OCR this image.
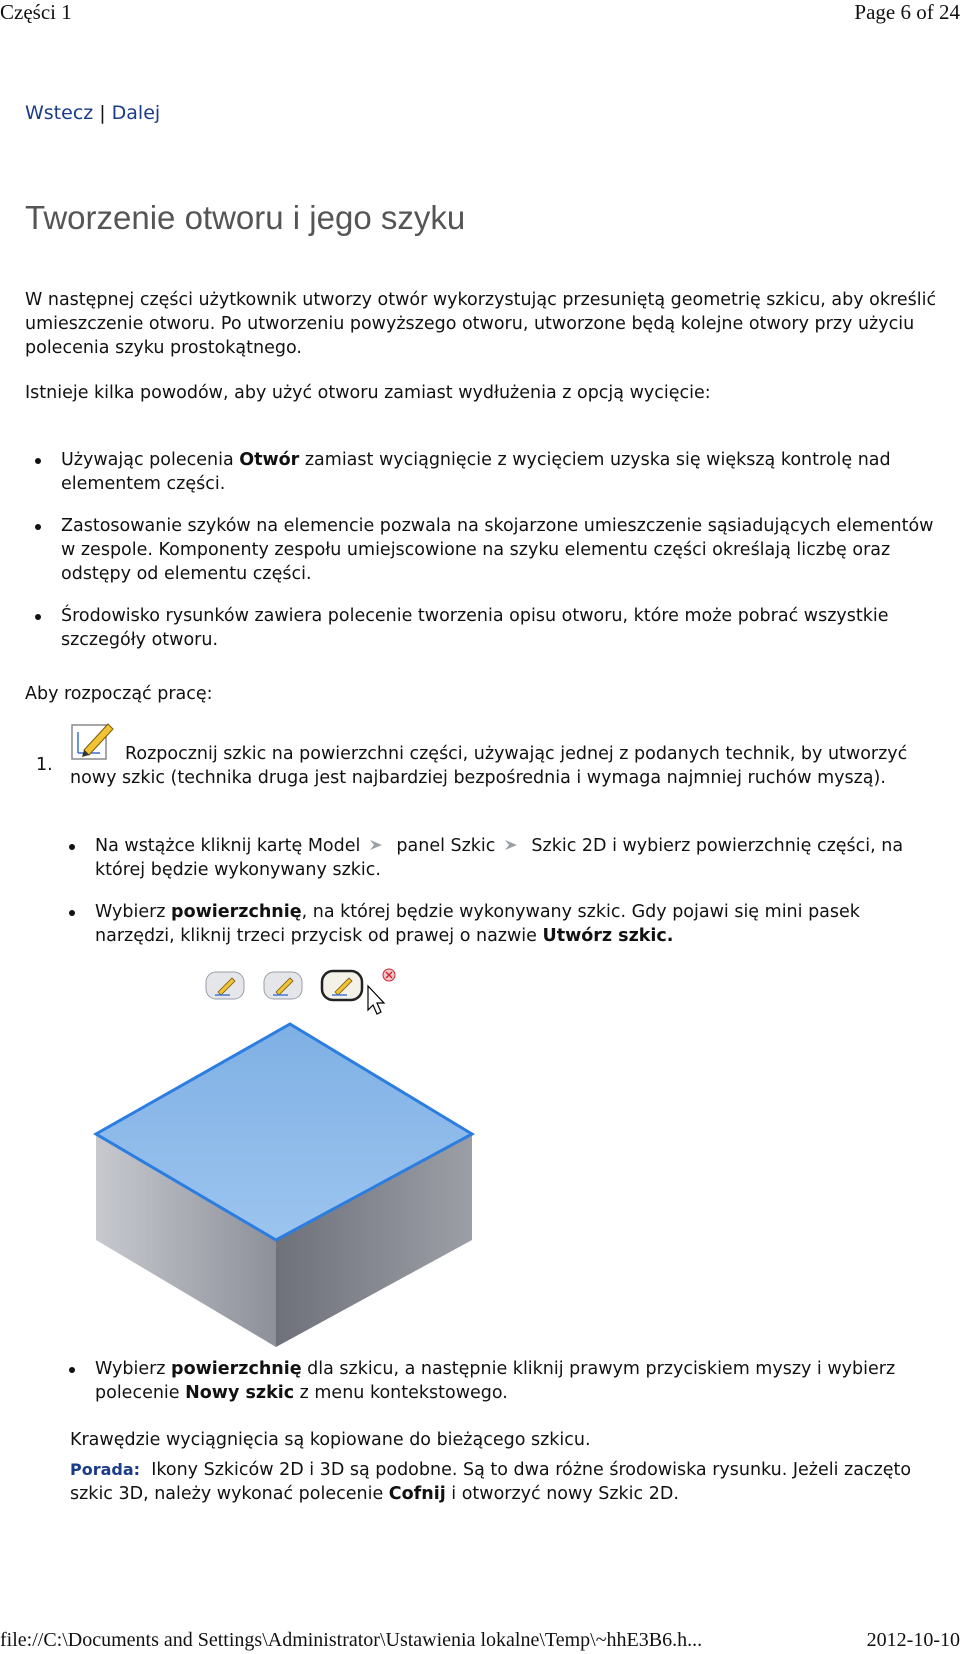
Części 1	Page 6 of 24
Wstecz | Dalej
Tworzenie otworu i jego szyku

W następnej części użytkownik utworzy otwór wykorzystując przesuniętą geometrię szkicu, aby określić umieszczenie otworu. Po utworzeniu powyższego otworu, utworzone będą kolejne otwory przy użyciu polecenia szyku prostokątnego.

Istnieje kilka powodów, aby użyć otworu zamiast wydłużenia z opcją wycięcie:

Używając polecenia Otwór zamiast wyciągnięcie z wycięciem uzyska się większą kontrolę nad elementem części.
Zastosowanie szyków na elemencie pozwala na skojarzone umieszczenie sąsiadujących elementów w zespole. Komponenty zespołu umiejscowione na szyku elementu części określają liczbę oraz odstępy od elementu części.
Środowisko rysunków zawiera polecenie tworzenia opisu otworu, które może pobrać wszystkie szczegóły otworu.

Aby rozpocząć pracę:

1.

Rozpocznij szkic na powierzchni części, używając jednej z podanych technik, by utworzyć nowy szkic (technika druga jest najbardziej bezpośrednia i wymaga najmniej ruchów myszą).

Na wstążce kliknij kartę Model panel Szkic Szkic 2D i wybierz powierzchnię części, na której będzie wykonywany szkic.
Wybierz powierzchnię, na której będzie wykonywany szkic. Gdy pojawi się mini pasek narzędzi, kliknij trzeci przycisk od prawej o nazwie Utwórz szkic.
Wybierz powierzchnię dla szkicu, a następnie kliknij prawym przyciskiem myszy i wybierz polecenie Nowy szkic z menu kontekstowego.

Krawędzie wyciągnięcia są kopiowane do bieżącego szkicu.

Porada: Ikony Szkiców 2D i 3D są podobne. Są to dwa różne środowiska rysunku. Jeżeli zaczęto szkic 3D, należy wykonać polecenie Cofnij i otworzyć nowy Szkic 2D.

file://C:\Documents and Settings\Administrator\Ustawienia lokalne\Temp\~hhE3B6.h...	2012-10-10
